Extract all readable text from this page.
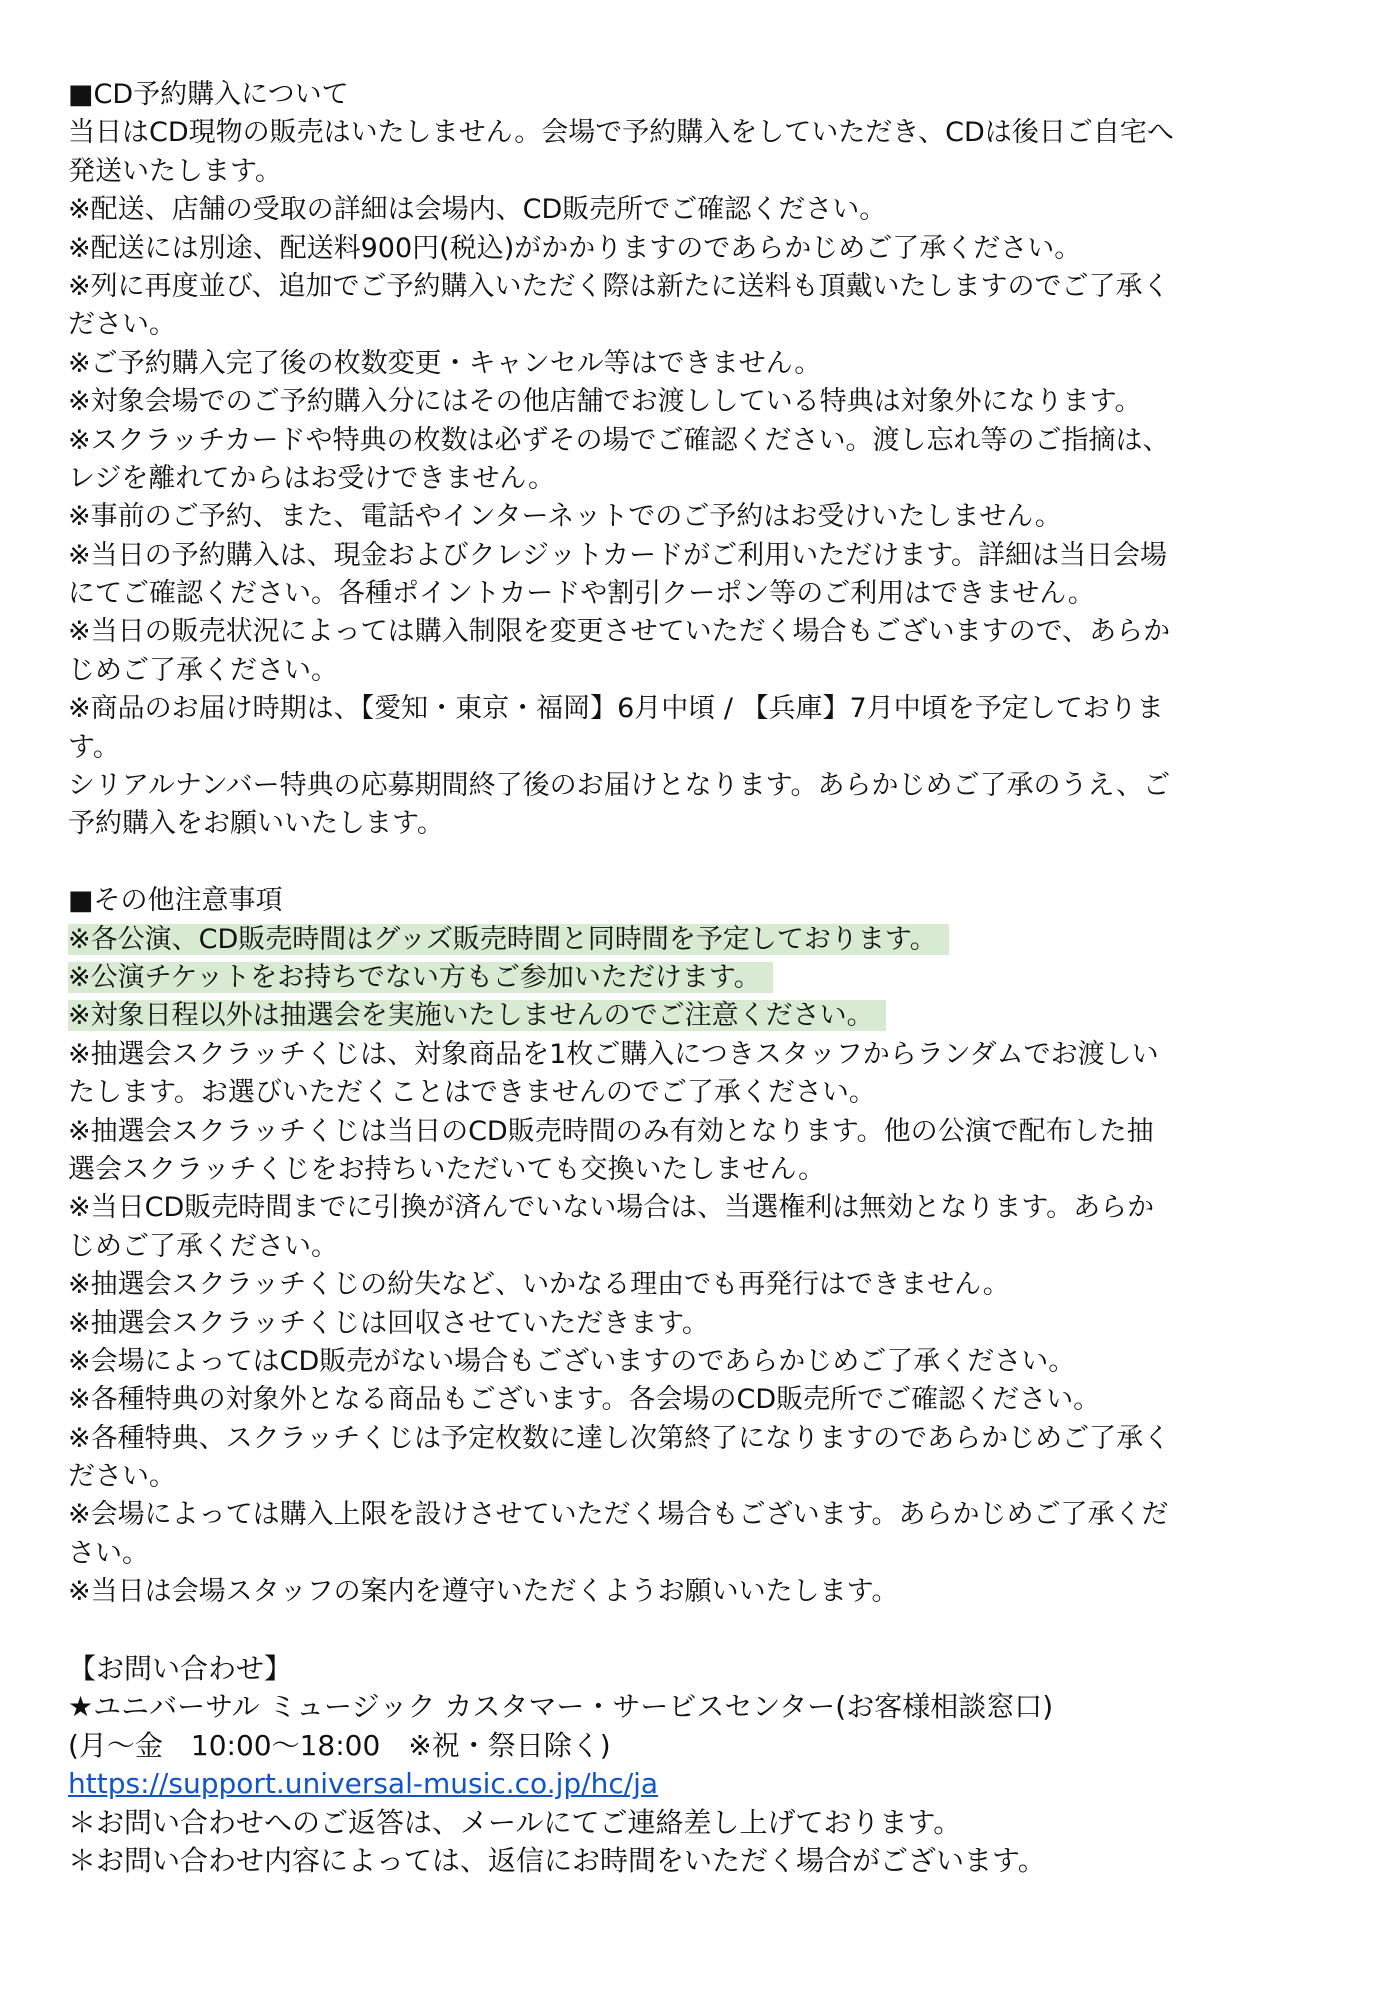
■CD予約購入について
当日はCD現物の販売はいたしません。会場で予約購入をしていただき、CDは後日ご自宅へ
発送いたします。
※配送、店舗の受取の詳細は会場内、CD販売所でご確認ください。
※配送には別途、配送料900円(税込)がかかりますのであらかじめご了承ください。
※列に再度並び、追加でご予約購入いただく際は新たに送料も頂戴いたしますのでご了承く
ださい。
※ご予約購入完了後の枚数変更・キャンセル等はできません。
※対象会場でのご予約購入分にはその他店舗でお渡ししている特典は対象外になります。
※スクラッチカードや特典の枚数は必ずその場でご確認ください。渡し忘れ等のご指摘は、
レジを離れてからはお受けできません。
※事前のご予約、また、電話やインターネットでのご予約はお受けいたしません。
※当日の予約購入は、現金およびクレジットカードがご利用いただけます。詳細は当日会場
にてご確認ください。各種ポイントカードや割引クーポン等のご利用はできません。
※当日の販売状況によっては購入制限を変更させていただく場合もございますので、あらか
じめご了承ください。
※商品のお届け時期は、【愛知・東京・福岡】6月中頃 / 【兵庫】7月中頃を予定しておりま
す。
シリアルナンバー特典の応募期間終了後のお届けとなります。あらかじめご了承のうえ、ご
予約購入をお願いいたします。
■その他注意事項
※各公演、CD販売時間はグッズ販売時間と同時間を予定しております。
※公演チケットをお持ちでない方もご参加いただけます。
※対象日程以外は抽選会を実施いたしませんのでご注意ください。
※抽選会スクラッチくじは、対象商品を1枚ご購入につきスタッフからランダムでお渡しい
たします。お選びいただくことはできませんのでご了承ください。
※抽選会スクラッチくじは当日のCD販売時間のみ有効となります。他の公演で配布した抽
選会スクラッチくじをお持ちいただいても交換いたしません。
※当日CD販売時間までに引換が済んでいない場合は、当選権利は無効となります。あらか
じめご了承ください。
※抽選会スクラッチくじの紛失など、いかなる理由でも再発行はできません。
※抽選会スクラッチくじは回収させていただきます。
※会場によってはCD販売がない場合もございますのであらかじめご了承ください。
※各種特典の対象外となる商品もございます。各会場のCD販売所でご確認ください。
※各種特典、スクラッチくじは予定枚数に達し次第終了になりますのであらかじめご了承く
ださい。
※会場によっては購入上限を設けさせていただく場合もございます。あらかじめご了承くだ
さい。
※当日は会場スタッフの案内を遵守いただくようお願いいたします。
【お問い合わせ】
★ユニバーサル ミュージック カスタマー・サービスセンター(お客様相談窓口)
(月～金　10:00～18:00　※祝・祭日除く)
https://support.universal-music.co.jp/hc/ja
＊お問い合わせへのご返答は、メールにてご連絡差し上げております。
＊お問い合わせ内容によっては、返信にお時間をいただく場合がございます。
